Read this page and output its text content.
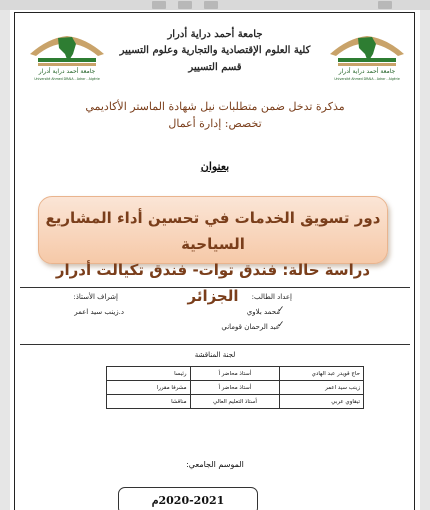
جامعة أحمد دراية أدرار
Université Ahmed DRAIA - Adrar - Algérie
جامعة أحمد دراية أدرار
Université Ahmed DRAIA - Adrar - Algérie
جامعة أحمد دراية أدرار
كلية العلوم الإقتصادية والتجارية وعلوم التسيير
قسم التسيير
مذكرة تدخل ضمن متطلبات نيل شهادة الماستر الأكاديمي
تخصص: إدارة أعمال
بعنوان
دور تسويق الخدمات في تحسين أداء المشاريع السياحية
دراسة حالة: فندق توات- فندق تكيالت أدرار الجزائر	إعداد الطالب:
✓
محمد بلاوي
✓
عبد الرحمان قوماني
إشراف الأستاذ:
د.زينب سيد اعمر
لجنة المناقشة
حاج قويدر عبد الهادي	أستاذ محاضر أ	رئيسا
زينب سيد اعمر	أستاذ محاضر أ	مشرفا مقررا
تيقاوي عربي	أستاذ التعليم العالي	مناقشا
الموسم الجامعي:
2020-2021م
